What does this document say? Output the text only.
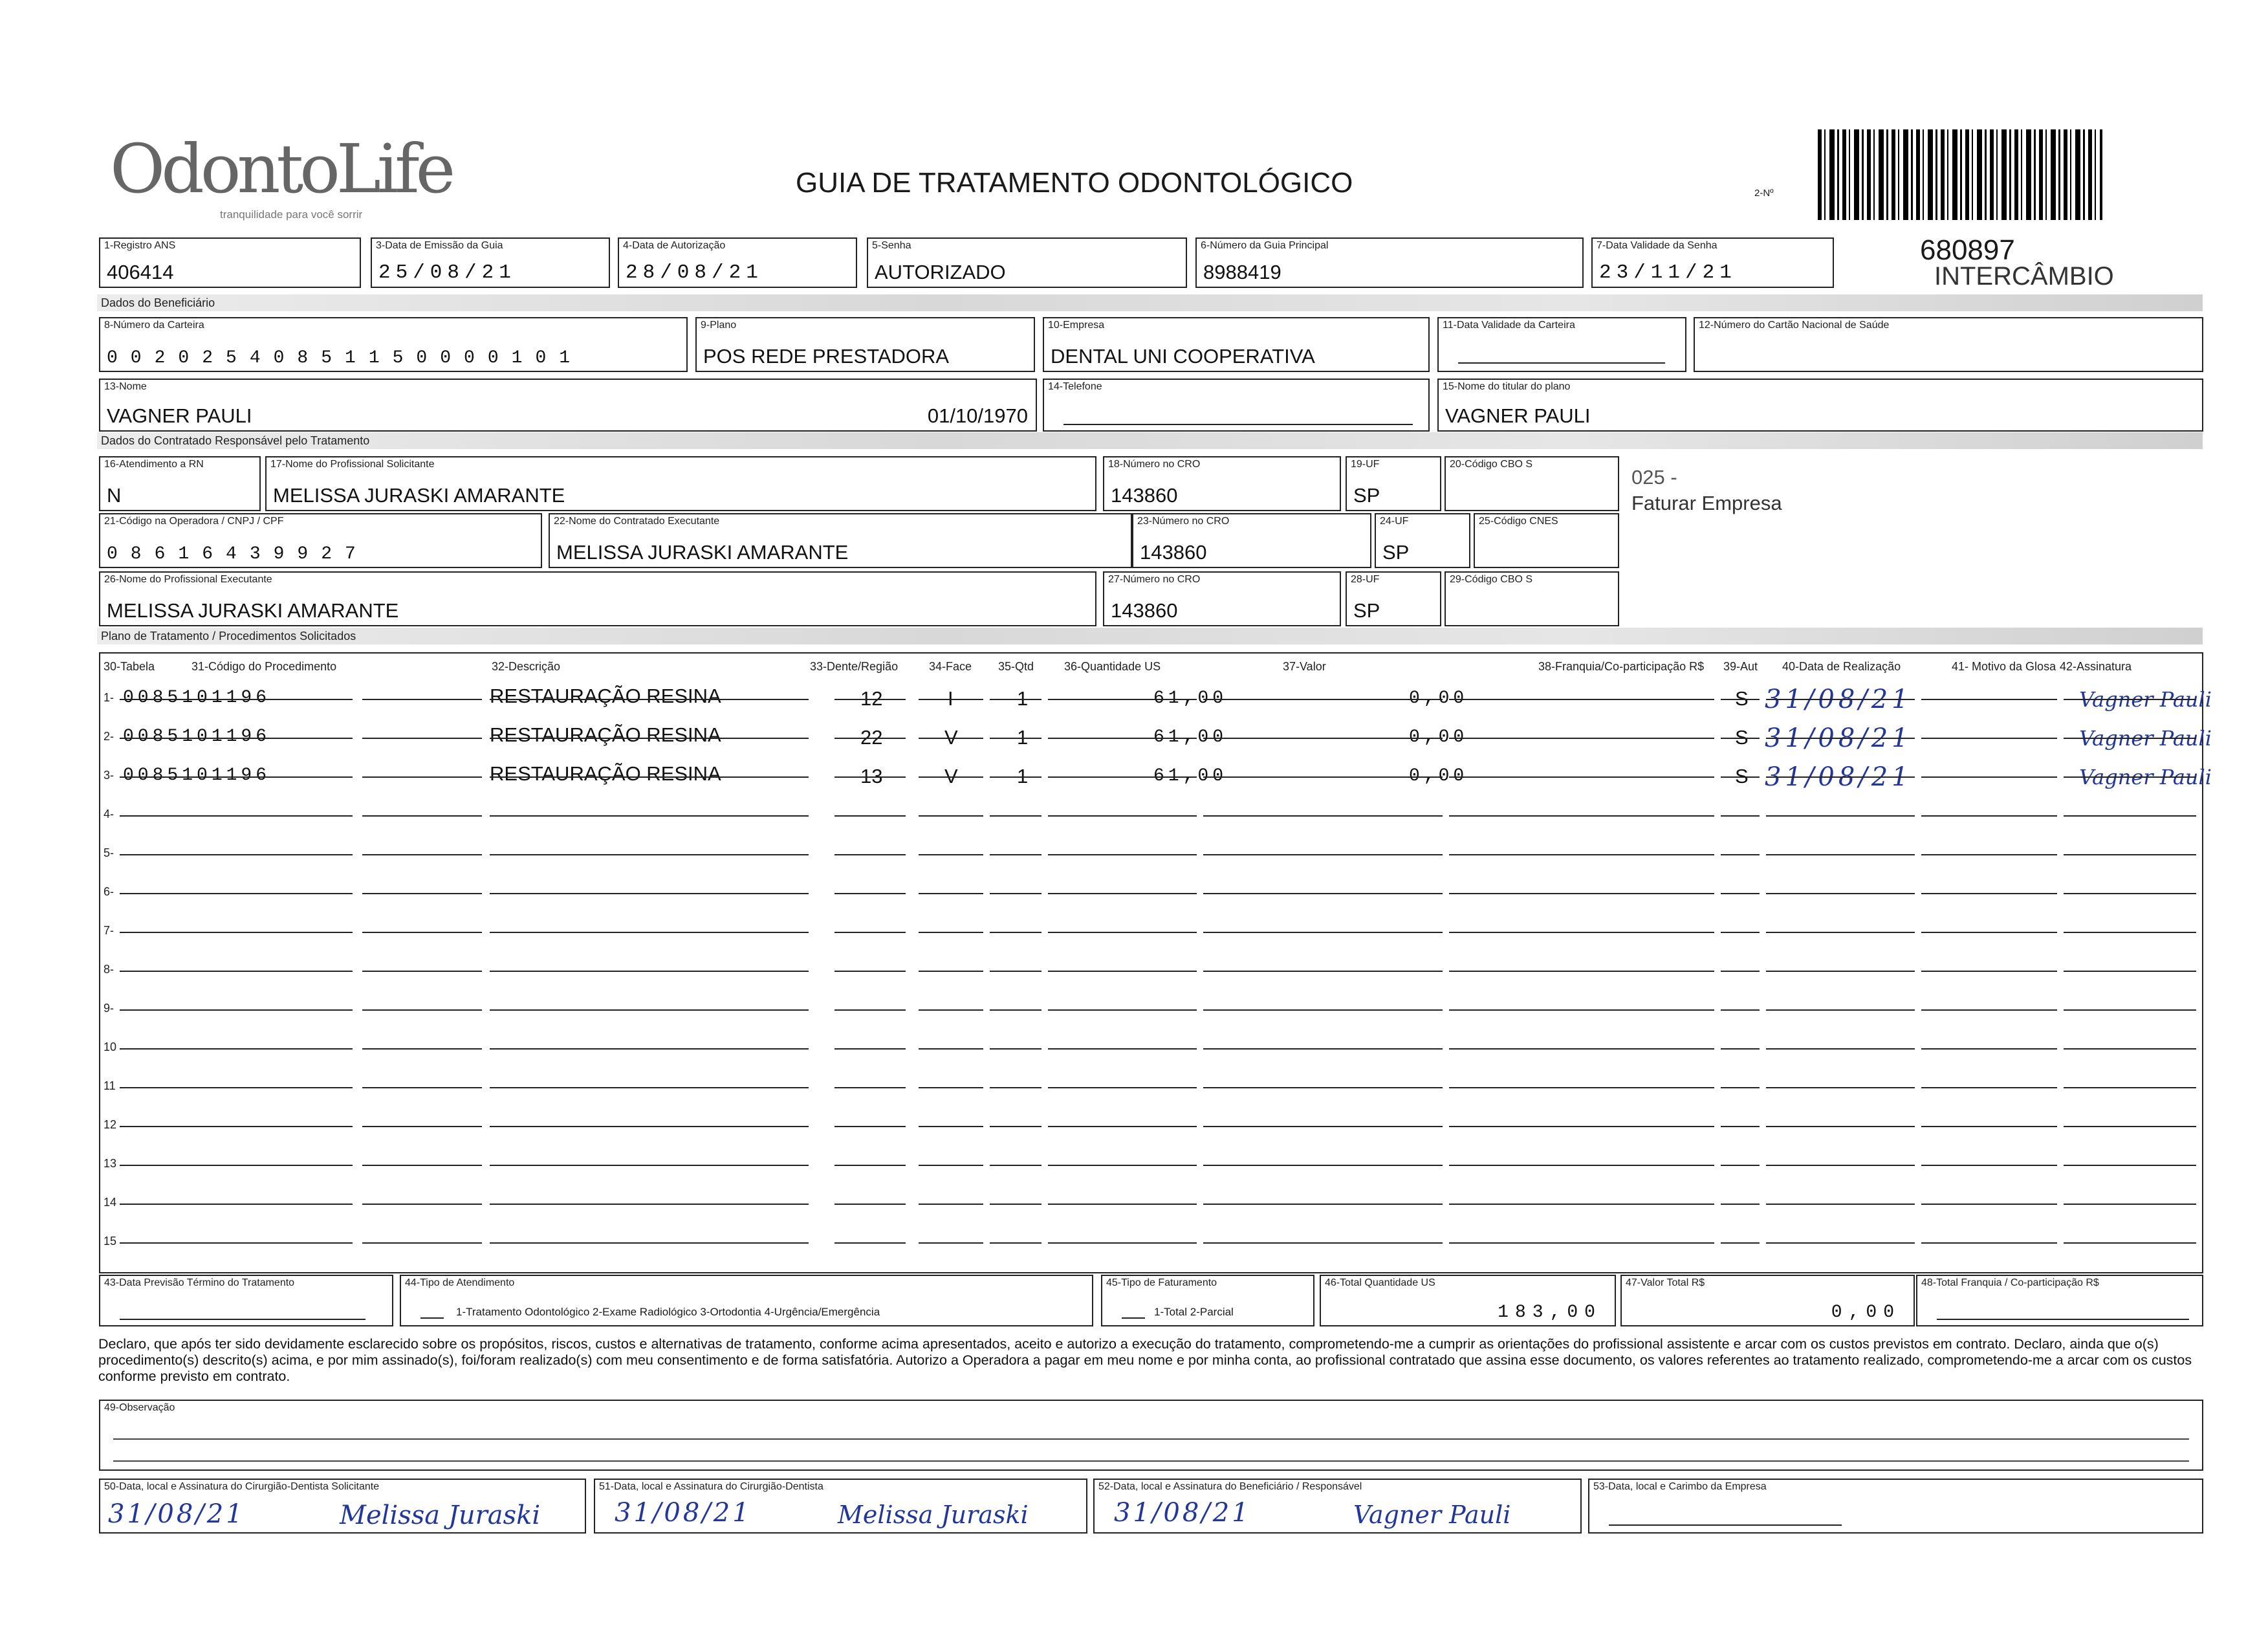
OdontoLife
tranquilidade para você sorrir
GUIA DE TRATAMENTO ODONTOLÓGICO	2-Nº
680897
INTERCÂMBIO
1-Registro ANS
406414
3-Data de Emissão da Guia
25/08/21
4-Data de Autorização
28/08/21
5-Senha
AUTORIZADO
6-Número da Guia Principal
8988419
7-Data Validade da Senha
23/11/21
Dados do Beneficiário
8-Número da Carteira
00202540851150000101
9-Plano
POS REDE PRESTADORA
10-Empresa
DENTAL UNI COOPERATIVA
11-Data Validade da Carteira	12-Número do Cartão Nacional de Saúde
13-Nome
VAGNER PAULI	01/10/1970
14-Telefone	15-Nome do titular do plano
VAGNER PAULI
Dados do Contratado Responsável pelo Tratamento
16-Atendimento a RN
N
17-Nome do Profissional Solicitante
MELISSA JURASKI AMARANTE
18-Número no CRO
143860
19-UF
SP
20-Código CBO S
025 -
Faturar Empresa
21-Código na Operadora / CNPJ / CPF
08616439927
22-Nome do Contratado Executante
MELISSA JURASKI AMARANTE
23-Número no CRO
143860
24-UF
SP
25-Código CNES
26-Nome do Profissional Executante
MELISSA JURASKI AMARANTE
27-Número no CRO
143860
28-UF
SP
29-Código CBO S
Plano de Tratamento / Procedimentos Solicitados
30-Tabela	31-Código do Procedimento	32-Descrição	33-Dente/Região	34-Face 35-Qtd	36-Quantidade US	37-Valor	38-Franquia/Co-participação R$ 39-Aut 40-Data de Realização	41- Motivo da Glosa 42-Assinatura
1- 0085101196	RESTAURAÇÃO RESINA	12	I	1	61,00	0,00	S 31/08/21	Vagner Pauli
2- 0085101196	RESTAURAÇÃO RESINA	22	V	1	61,00	0,00	S 31/08/21	Vagner Pauli
3- 0085101196	RESTAURAÇÃO RESINA	13	V	1	61,00	0,00	S 31/08/21	Vagner Pauli
4-
5-
6-
7-
8-
9-
10
11
12
13
14
15
43-Data Previsão Término do Tratamento	44-Tipo de Atendimento
1-Tratamento Odontológico 2-Exame Radiológico 3-Ortodontia 4-Urgência/Emergência
45-Tipo de Faturamento
1-Total 2-Parcial
46-Total Quantidade US
183,00
47-Valor Total R$
0,00
48-Total Franquia / Co-participação R$
Declaro, que após ter sido devidamente esclarecido sobre os propósitos, riscos, custos e alternativas de tratamento, conforme acima apresentados, aceito e autorizo a execução do tratamento, comprometendo-me a cumprir as orientações do profissional assistente e arcar com os custos previstos em contrato. Declaro, ainda que o(s) procedimento(s) descrito(s) acima, e por mim assinado(s), foi/foram realizado(s) com meu consentimento e de forma satisfatória. Autorizo a Operadora a pagar em meu nome e por minha conta, ao profissional contratado que assina esse documento, os valores referentes ao tratamento realizado, comprometendo-me a arcar com os custos conforme previsto em contrato.
49-Observação
50-Data, local e Assinatura do Cirurgião-Dentista Solicitante
31/08/21	Melissa Juraski
51-Data, local e Assinatura do Cirurgião-Dentista
31/08/21	Melissa Juraski
52-Data, local e Assinatura do Beneficiário / Responsável
31/08/21	Vagner Pauli
53-Data, local e Carimbo da Empresa
